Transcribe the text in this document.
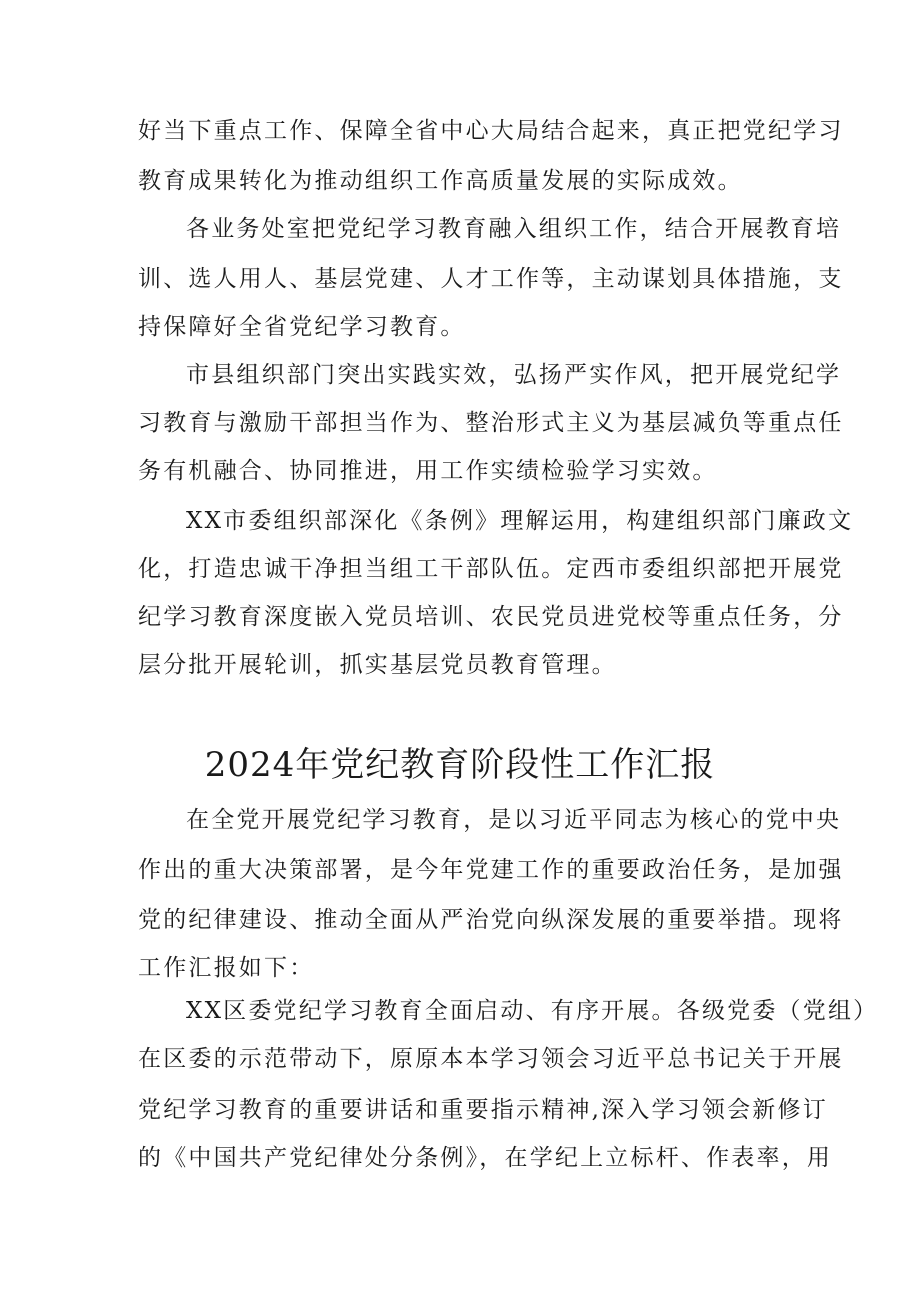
好当下重点工作、保障全省中心大局结合起来，真正把党纪学习
教育成果转化为推动组织工作高质量发展的实际成效。
各业务处室把党纪学习教育融入组织工作，结合开展教育培
训、选人用人、基层党建、人才工作等，主动谋划具体措施，支
持保障好全省党纪学习教育。
市县组织部门突出实践实效，弘扬严实作风，把开展党纪学
习教育与激励干部担当作为、整治形式主义为基层减负等重点任
务有机融合、协同推进，用工作实绩检验学习实效。
XX市委组织部深化《条例》理解运用，构建组织部门廉政文
化，打造忠诚干净担当组工干部队伍。定西市委组织部把开展党
纪学习教育深度嵌入党员培训、农民党员进党校等重点任务，分
层分批开展轮训，抓实基层党员教育管理。
2024年党纪教育阶段性工作汇报
在全党开展党纪学习教育，是以习近平同志为核心的党中央
作出的重大决策部署，是今年党建工作的重要政治任务，是加强
党的纪律建设、推动全面从严治党向纵深发展的重要举措。现将
工作汇报如下：
XX区委党纪学习教育全面启动、有序开展。各级党委（党组）
在区委的示范带动下，原原本本学习领会习近平总书记关于开展
党纪学习教育的重要讲话和重要指示精神,深入学习领会新修订
的《中国共产党纪律处分条例》，在学纪上立标杆、作表率，用
